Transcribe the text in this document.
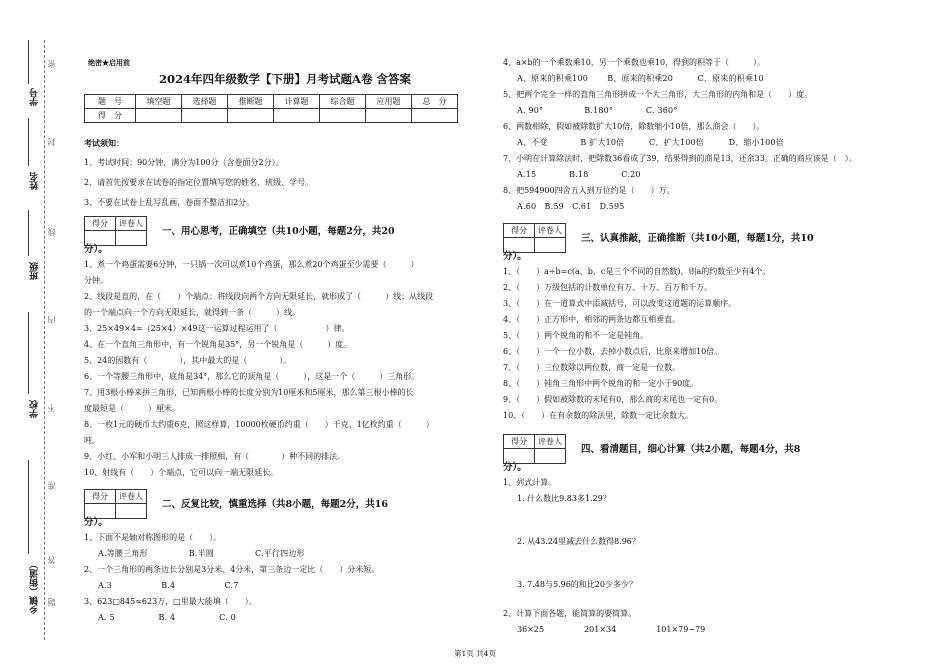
学号
姓名
班级
学校
乡镇（街道）
密
封
线
内
不
准
答
题
绝密★启用前
2024年四年级数学【下册】月考试题A卷 含答案
题　号	填空题	选择题	推断题	计算题	综合题	应用题	总　分
得　分							
考试须知：
1、考试时间：90分钟，满分为100分（含卷面分2分）。
2、请首先按要求在试卷的指定位置填写您的姓名、班级、学号。
3、不要在试卷上乱写乱画，卷面不整洁扣2分。
得分	评卷人

一、用心思考，正确填空（共10小题，每题2分，共20
分）。
1、煮一个鸡蛋需要6分钟，一只锅一次可以煮10个鸡蛋，那么煮20个鸡蛋至少需要（　　　）
分钟。
2、线段是直的，在（　　）个端点；将线段向两个方向无限延长，就形成了（　　　）线；从线段
的一个端点向一个方向无限延长，就得到一条（　　　）线。
3、25×49×4=（25×4）×49这一运算过程运用了（　　　　　　）律。
4、在一个直角三角形中，有一个锐角是35°，另一个锐角是（　　　）度。
5、24的因数有（　　　　），其中最大的是（　　　　）。
6、一个等腰三角形中，底角是34°，那么它的顶角是（　　　），这是一个（　　　）三角形。
7、用3根小棒来拼三角形，已知两根小棒的长度分别为10厘米和5厘米，那么第三根小棒的长
度最短是（　　　）厘米。
8、一枚1元的硬币大约重6克，照这样算，10000枚硬币约重（　　）千克，1亿枚约重（　　　）
吨。
9、小红、小军和小明三人排成一排照相，有（　　　　）种不同的排法。
10、射线有（　　）个端点，它可以向一端无限延长。
得分	评卷人

二、反复比较，慎重选择（共8小题，每题2分，共16
分）。
1、下面不是轴对称图形的是（　　）。
A.等腰三角形　　　　　B.半圆　　　　　C.平行四边形
2、一个三角形的两条边长分别是3分米、4分米，第三条边一定比（　　）分米短。
A.3　　　　　　B.4　　　　　　C.7
3、623□845≈623万，□里最大能填（　　）。
A. 5　　　　　 B. 4　　　　　 C. 0
4、a×b的一个乘数乘10，另一个乘数也乘10，得到的积等于（　　　）。
A、原来的积乘100　　 B、原来的积乘20　　　C、原来的积乘10
5、把两个完全一样的直角三角形拼成一个大三角形，大三角形的内角和是（　　）度。
A. 90°　　　　　B.180°　　　　C. 360°
6、两数相除，假如被除数扩大10倍，除数缩小10倍，那么商会（　　）。
A、不变　　　　B 扩大10倍　　　C、扩大100倍　　　D、缩小100倍
7、小明在计算除法时，把除数36看成了39，结果得到的商是13，还余33。正确的商应该是（　）。
A.15　　　　B.18　　　　C.20
8、把594900四舍五入到万位约是（　　）万。
A.60　B.59　C.61　D.595
得分	评卷人

三、认真推敲，正确推断（共10小题，每题1分，共10
分）。
1、（　　）a÷b=c(a、b、c是三个不同的自然数)，则a的约数至少有4个。
2、（　　）万级包括的计数单位有万、十万、百万和千万。
3、（　　）在一道算式中添减括号，可以改变这道题的运算顺序。
4、（　　）正方形中，相邻的两条边都互相垂直。
5、（　　）两个锐角的和不一定是钝角。
6、（　　）一个一位小数，去掉小数点后，比原来增加10倍。
7、（　　）三位数除以两位数，商一定是一位数。
8、（　　）钝角三角形中两个锐角的和一定小于90度。
9、（　　）假如被除数的末尾有0，那么商的末尾也一定有0。
10、（　　）在有余数的除法里，除数一定比余数大。
得分	评卷人

四、看清题目，细心计算（共2小题，每题4分，共8
分）。
1、列式计算。
1. 什么数比9.83多1.29？
2. 从43.24里减去什么数得8.96？
3. 7.48与5.96的和比20少多少？
2、计算下面各题，能简算的要简算。
36×25　　　　　201×34　　　　　101×79−79
第1页 共4页
